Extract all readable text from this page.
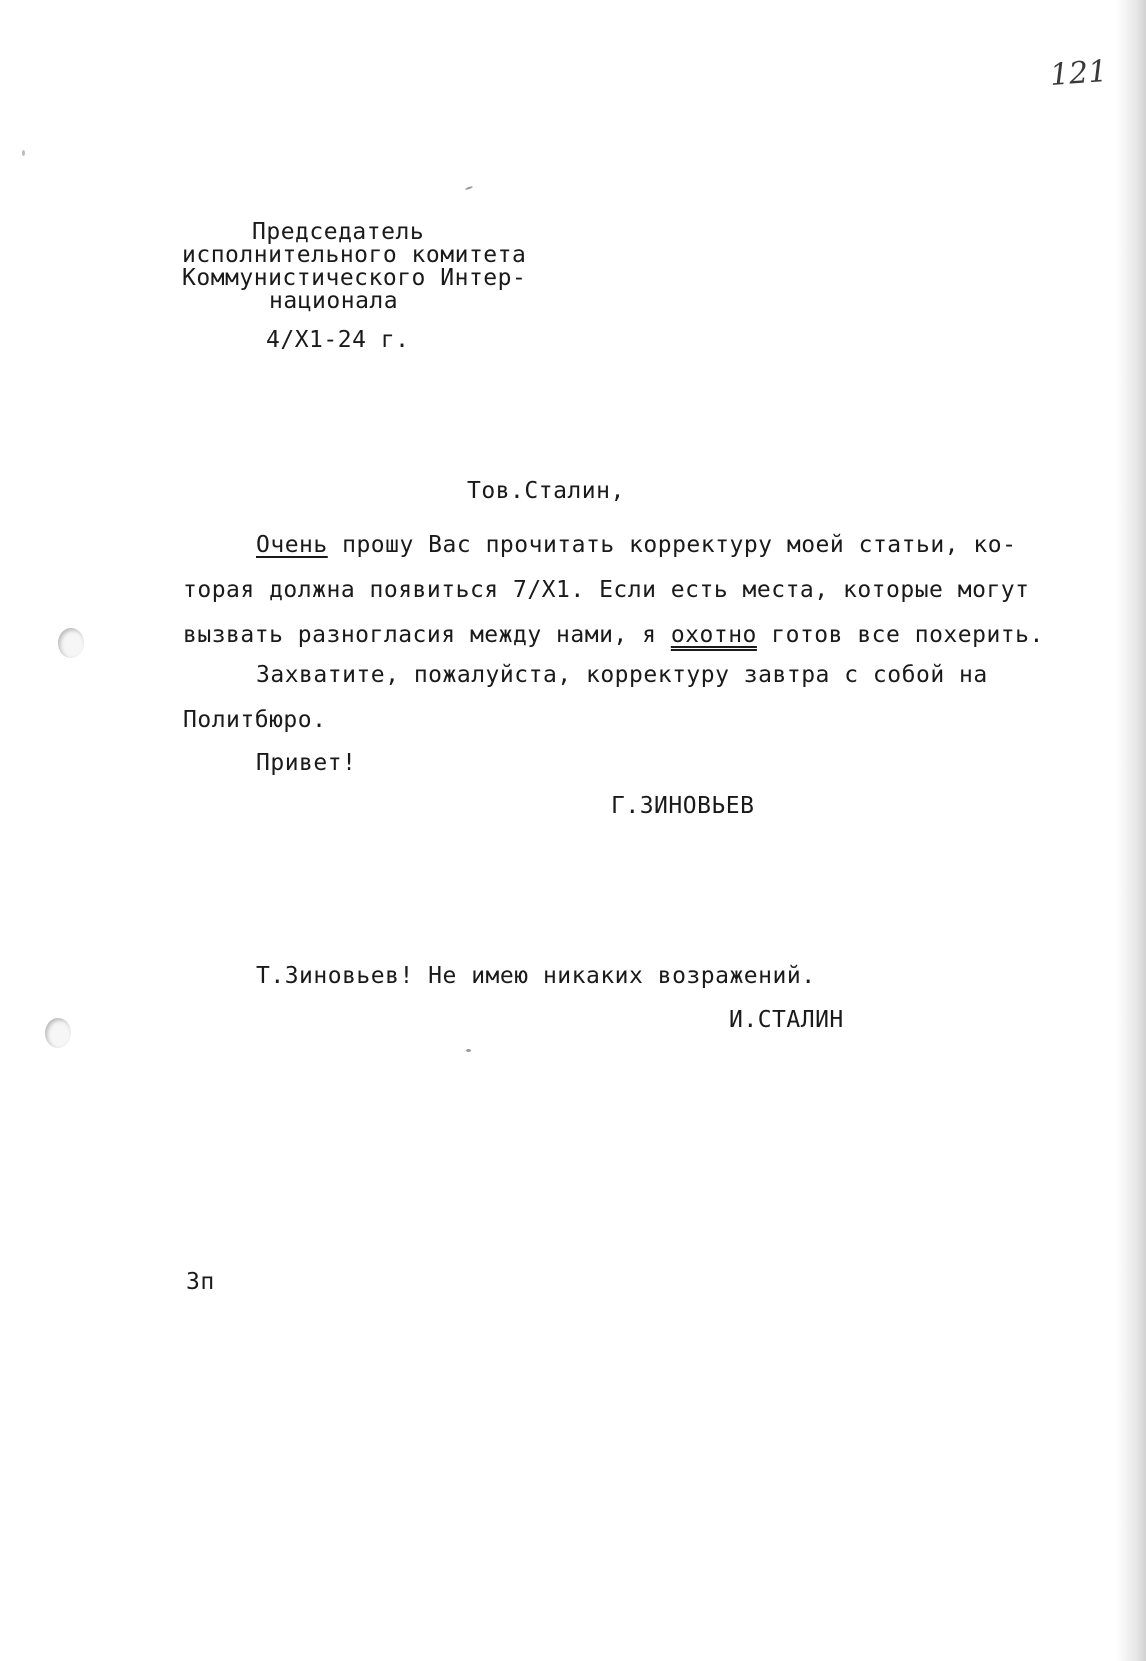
121
Председатель
исполнительного комитета
Коммунистического Интер-
национала
4/Х1-24 г.
Тов.Сталин,
Очень прошу Вас прочитать корректуру моей статьи, ко-
торая должна появиться 7/Х1. Если есть места, которые могут
вызвать разногласия между нами, я охотно готов все похерить.
Захватите, пожалуйста, корректуру завтра с собой на
Политбюро.
Привет!
Г.ЗИНОВЬЕВ
Т.Зиновьев! Не имею никаких возражений.
И.СТАЛИН
3п
